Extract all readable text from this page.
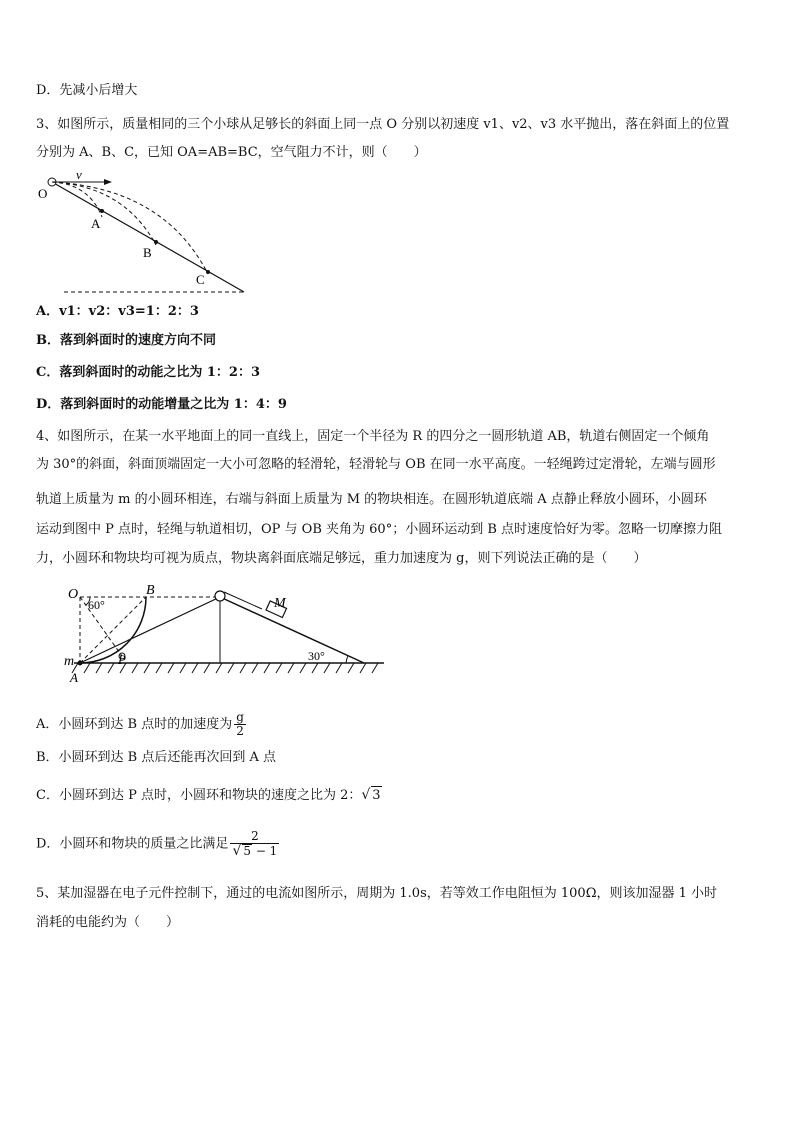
D．先减小后增大
3、如图所示，质量相同的三个小球从足够长的斜面上同一点 O 分别以初速度 v1、v2、v3 水平抛出，落在斜面上的位置
分别为 A、B、C，已知 OA=AB=BC，空气阻力不计，则（　　）
O
v
A
B
C
A．v1：v2：v3=1：2：3
B．落到斜面时的速度方向不同
C．落到斜面时的动能之比为 1：2：3
D．落到斜面时的动能增量之比为 1：4：9
4、如图所示，在某一水平地面上的同一直线上，固定一个半径为 R 的四分之一圆形轨道 AB，轨道右侧固定一个倾角
为 30°的斜面，斜面顶端固定一大小可忽略的轻滑轮，轻滑轮与 OB 在同一水平高度。一轻绳跨过定滑轮，左端与圆形
轨道上质量为 m 的小圆环相连，右端与斜面上质量为 M 的物块相连。在圆形轨道底端 A 点静止释放小圆环，小圆环
运动到图中 P 点时，轻绳与轨道相切，OP 与 OB 夹角为 60°；小圆环运动到 B 点时速度恰好为零。忽略一切摩擦力阻
力，小圆环和物块均可视为质点，物块离斜面底端足够远，重力加速度为 g，则下列说法正确的是（　　）
O
60°
B
M
30°
m	P
A
A．小圆环到达 B 点时的加速度为 $\frac{g}{2}$
B．小圆环到达 B 点后还能再次回到 A 点
C．小圆环到达 P 点时，小圆环和物块的速度之比为 2：√ 3
D．小圆环和物块的质量之比满足 $\frac{2}{√ 5 - 1}$
5、某加湿器在电子元件控制下，通过的电流如图所示，周期为 1.0s，若等效工作电阻恒为 100Ω，则该加湿器 1 小时
消耗的电能约为（　　）
